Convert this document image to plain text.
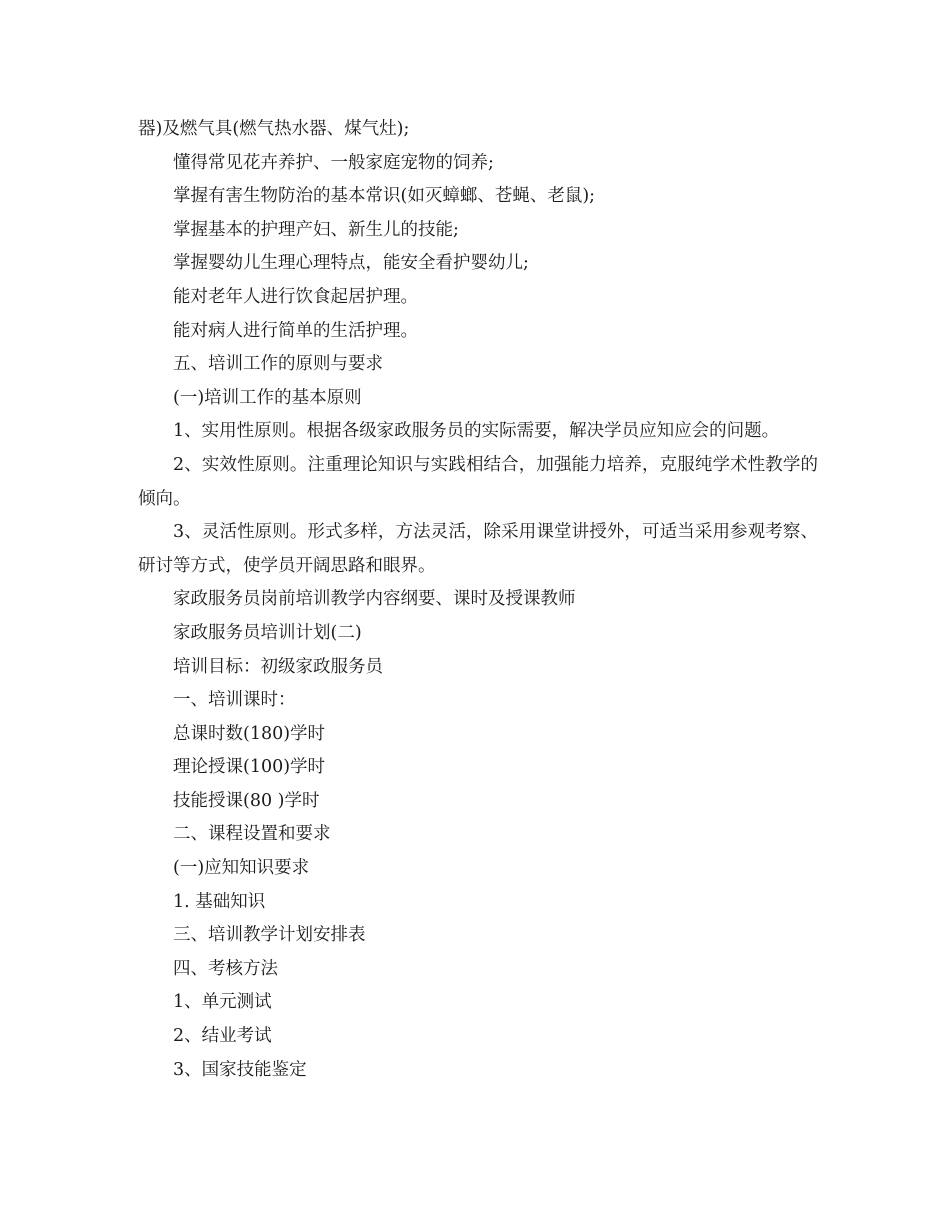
器)及燃气具(燃气热水器、煤气灶);

懂得常见花卉养护、一般家庭宠物的饲养;

掌握有害生物防治的基本常识(如灭蟑螂、苍蝇、老鼠);

掌握基本的护理产妇、新生儿的技能;

掌握婴幼儿生理心理特点，能安全看护婴幼儿;

能对老年人进行饮食起居护理。

能对病人进行简单的生活护理。

五、培训工作的原则与要求

(一)培训工作的基本原则

1、实用性原则。根据各级家政服务员的实际需要，解决学员应知应会的问题。

2、实效性原则。注重理论知识与实践相结合，加强能力培养，克服纯学术性教学的倾向。

3、灵活性原则。形式多样，方法灵活，除采用课堂讲授外，可适当采用参观考察、研讨等方式，使学员开阔思路和眼界。

家政服务员岗前培训教学内容纲要、课时及授课教师

家政服务员培训计划(二)

培训目标：初级家政服务员

一、培训课时：

总课时数(180)学时

理论授课(100)学时

技能授课(80 )学时

二、课程设置和要求

(一)应知知识要求

1. 基础知识

三、培训教学计划安排表

四、考核方法

1、单元测试

2、结业考试

3、国家技能鉴定
